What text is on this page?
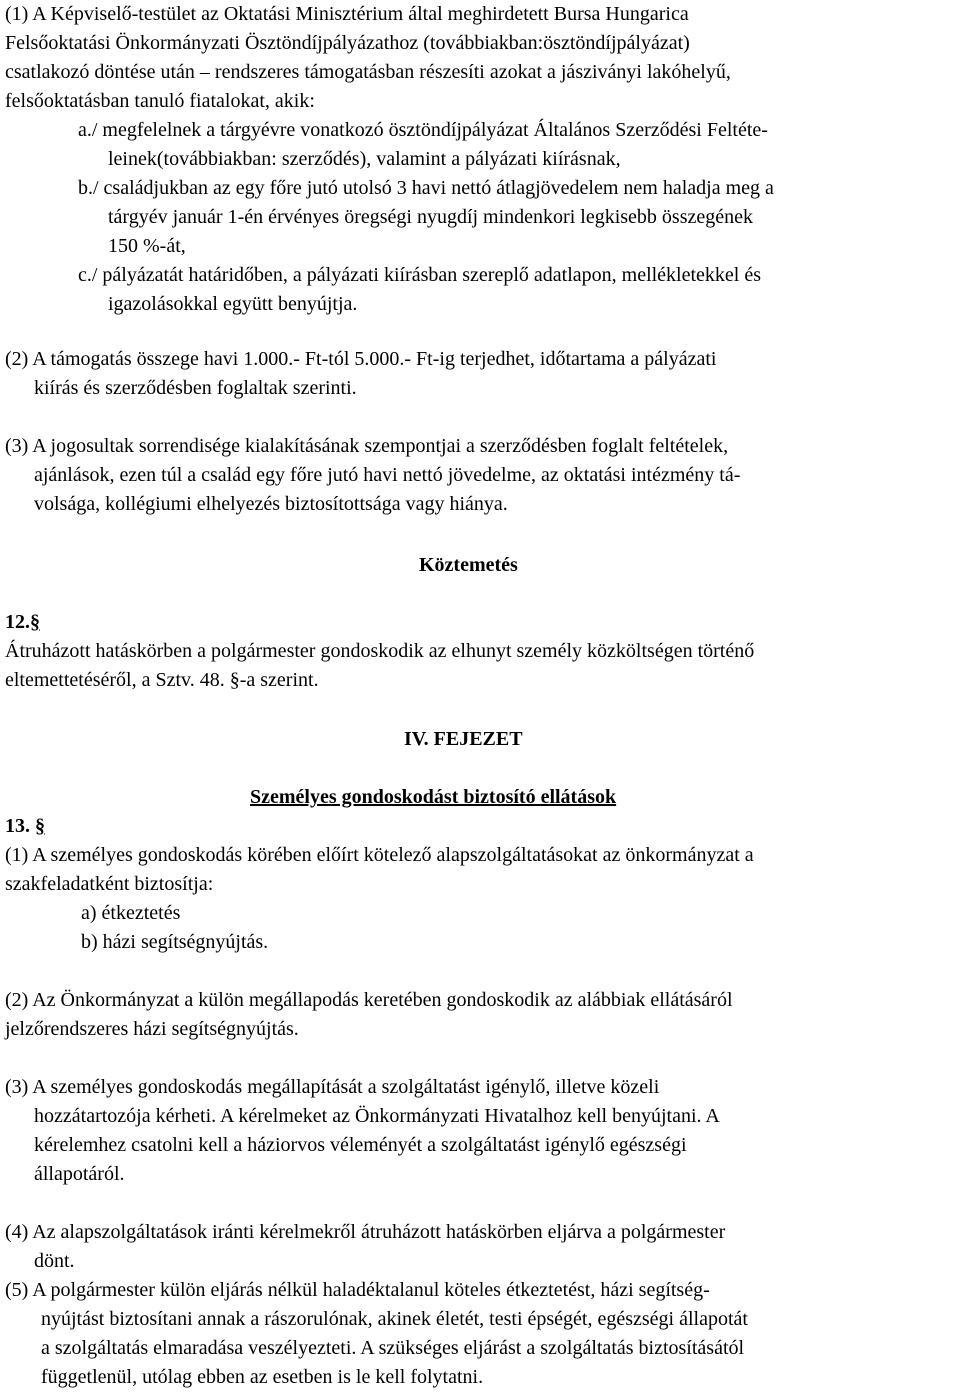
(1) A Képviselő-testület az Oktatási Minisztérium által meghirdetett Bursa Hungarica
Felsőoktatási Önkormányzati Ösztöndíjpályázathoz (továbbiakban:ösztöndíjpályázat)
csatlakozó döntése után – rendszeres támogatásban részesíti azokat a jásziványi lakóhelyű,
felsőoktatásban tanuló fiatalokat, akik:
a./ megfelelnek a tárgyévre vonatkozó ösztöndíjpályázat Általános Szerződési Feltéte-
leinek(továbbiakban: szerződés), valamint a pályázati kiírásnak,
b./ családjukban az egy főre jutó utolsó 3 havi nettó átlagjövedelem nem haladja meg a
tárgyév január 1-én érvényes öregségi nyugdíj mindenkori legkisebb összegének
150 %-át,
c./ pályázatát határidőben, a pályázati kiírásban szereplő adatlapon, mellékletekkel és
igazolásokkal együtt benyújtja.
(2) A támogatás összege havi 1.000.- Ft-tól 5.000.- Ft-ig terjedhet, időtartama a pályázati
kiírás és szerződésben foglaltak szerinti.
(3) A jogosultak sorrendisége kialakításának szempontjai a szerződésben foglalt feltételek,
ajánlások, ezen túl a család egy főre jutó havi nettó jövedelme, az oktatási intézmény tá-
volsága, kollégiumi elhelyezés biztosítottsága vagy hiánya.
Köztemetés
12.§
Átruházott hatáskörben a polgármester gondoskodik az elhunyt személy közköltségen történő
eltemettetéséről, a Sztv. 48. §-a szerint.
IV. FEJEZET
Személyes gondoskodást biztosító ellátások
13. §
(1) A személyes gondoskodás körében előírt kötelező alapszolgáltatásokat az önkormányzat a
szakfeladatként biztosítja:
a) étkeztetés
b) házi segítségnyújtás.
(2) Az Önkormányzat a külön megállapodás keretében gondoskodik az alábbiak ellátásáról
jelzőrendszeres házi segítségnyújtás.
(3) A személyes gondoskodás megállapítását a szolgáltatást igénylő, illetve közeli
hozzátartozója kérheti. A kérelmeket az Önkormányzati Hivatalhoz kell benyújtani. A
kérelemhez csatolni kell a háziorvos véleményét a szolgáltatást igénylő egészségi
állapotáról.
(4) Az alapszolgáltatások iránti kérelmekről átruházott hatáskörben eljárva a polgármester
dönt.
(5) A polgármester külön eljárás nélkül haladéktalanul köteles étkeztetést, házi segítség-
nyújtást biztosítani annak a rászorulónak, akinek életét, testi épségét, egészségi állapotát
a szolgáltatás elmaradása veszélyezteti. A szükséges eljárást a szolgáltatás biztosításától
függetlenül, utólag ebben az esetben is le kell folytatni.
